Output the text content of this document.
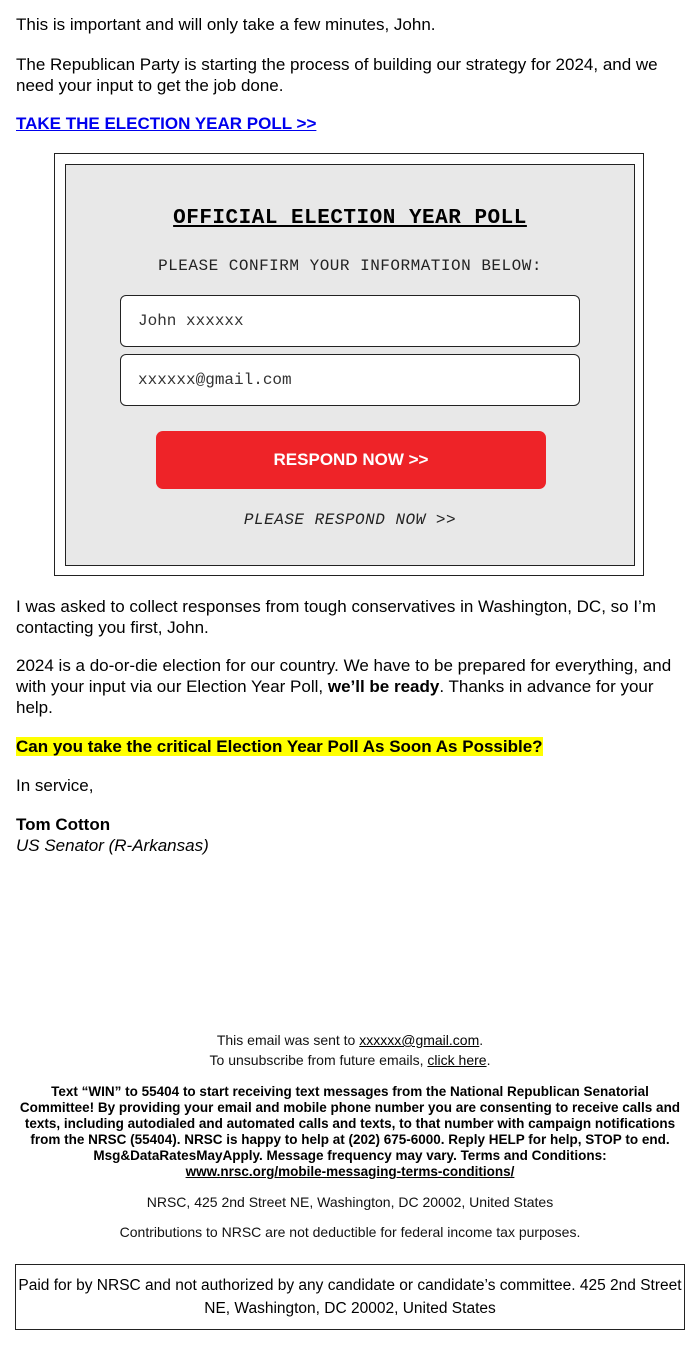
This is important and will only take a few minutes, John.

The Republican Party is starting the process of building our strategy for 2024, and we need your input to get the job done.

TAKE THE ELECTION YEAR POLL >>
OFFICIAL ELECTION YEAR POLL
PLEASE CONFIRM YOUR INFORMATION BELOW:
John xxxxxx
xxxxxx@gmail.com
RESPOND NOW >>
PLEASE RESPOND NOW >>

I was asked to collect responses from tough conservatives in Washington, DC, so I’m contacting you first, John.

2024 is a do-or-die election for our country. We have to be prepared for everything, and with your input via our Election Year Poll, we’ll be ready. Thanks in advance for your help.

Can you take the critical Election Year Poll As Soon As Possible?

In service,

Tom Cotton

US Senator (R-Arkansas)

This email was sent to xxxxxx@gmail.com.

To unsubscribe from future emails, click here.

Text “WIN” to 55404 to start receiving text messages from the National Republican Senatorial Committee! By providing your email and mobile phone number you are consenting to receive calls and texts, including autodialed and automated calls and texts, to that number with campaign notifications from the NRSC (55404). NRSC is happy to help at (202) 675-6000. Reply HELP for help, STOP to end. Msg&DataRatesMayApply. Message frequency may vary. Terms and Conditions:
www.nrsc.org/mobile-messaging-terms-conditions/

NRSC, 425 2nd Street NE, Washington, DC 20002, United States

Contributions to NRSC are not deductible for federal income tax purposes.

Paid for by NRSC and not authorized by any candidate or candidate’s committee. 425 2nd Street NE, Washington, DC 20002, United States
